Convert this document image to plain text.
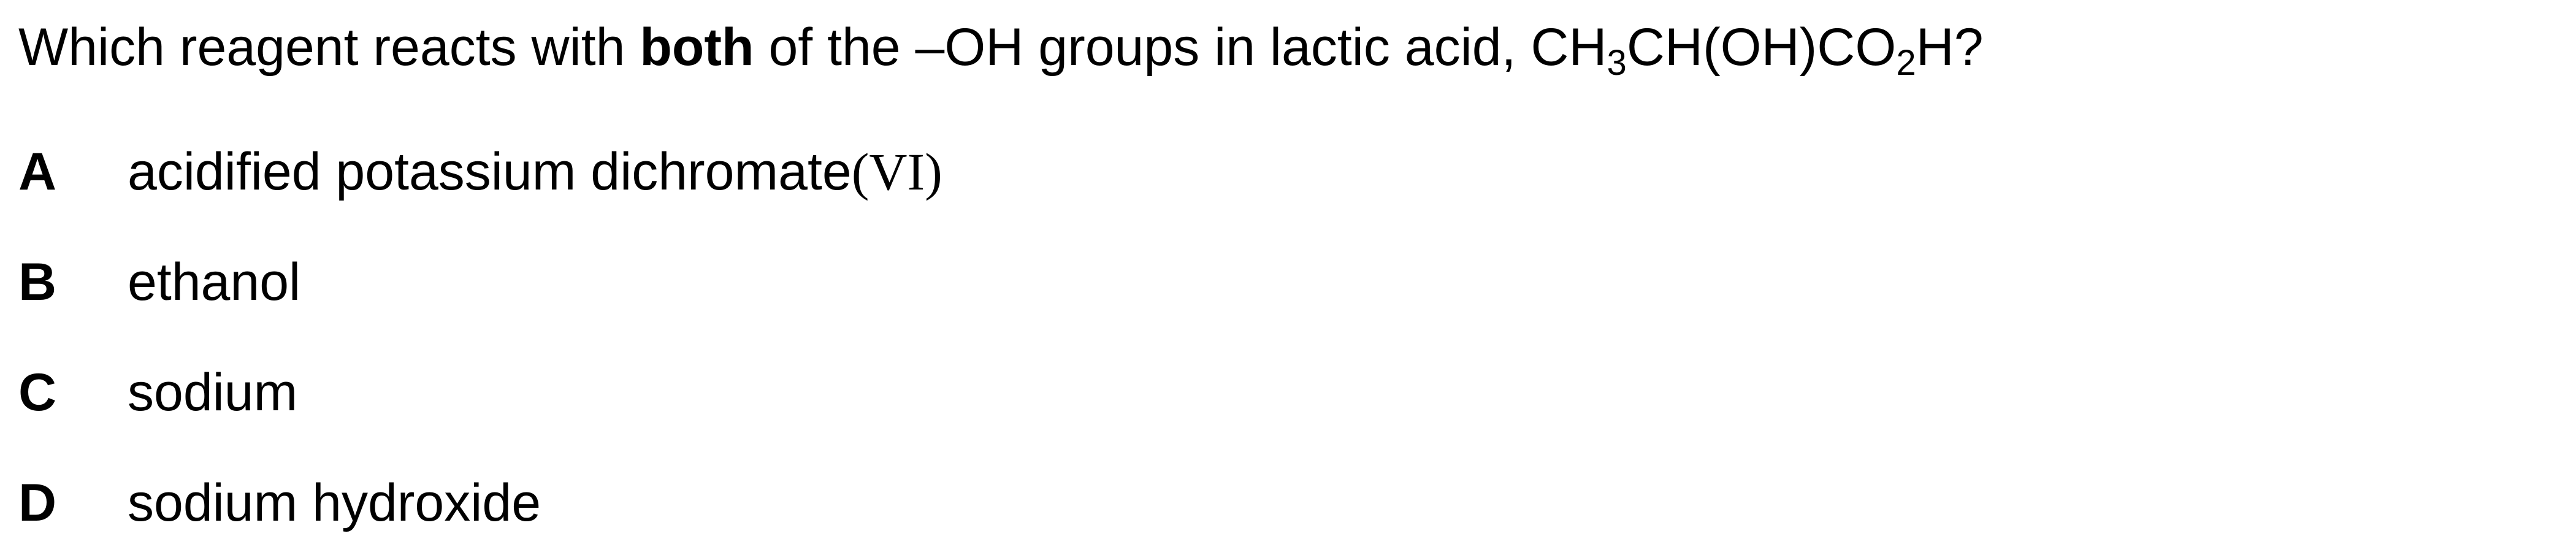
Which reagent reacts with both of the –OH groups in lactic acid, $CH_3CH(OH)CO_2H$?
A acidified potassium dichromate(VI)
B ethanol
C sodium
D sodium hydroxide
